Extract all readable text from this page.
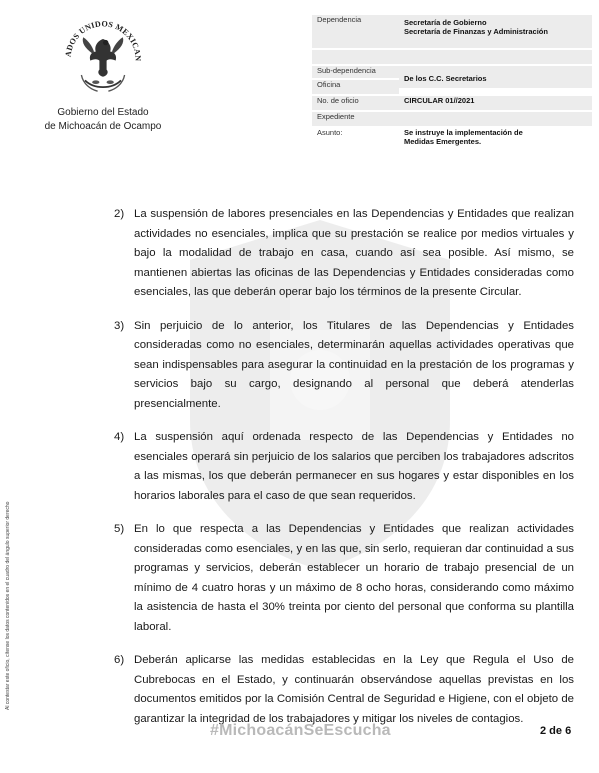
ADOS UNIDOS MEXICAN
Gobierno del Estado
de Michoacán de Ocampo
Dependencia	Secretaría de Gobierno
Secretaría de Finanzas y Administración

Sub-dependencia	
Oficina	De los C.C. Secretarios
No. de oficio	CIRCULAR 01//2021
Expediente	
Asunto:	Se instruye la implementación de
Medidas Emergentes.
Al contestar este oficio, cítense los datos contenidos en el cuadro del ángulo superior derecho
2) La suspensión de labores presenciales en las Dependencias y Entidades que realizan actividades no esenciales, implica que su prestación se realice por medios virtuales y bajo la modalidad de trabajo en casa, cuando así sea posible. Así mismo, se mantienen abiertas las oficinas de las Dependencias y Entidades consideradas como esenciales, las que deberán operar bajo los términos de la presente Circular.
3) Sin perjuicio de lo anterior, los Titulares de las Dependencias y Entidades consideradas como no esenciales, determinarán aquellas actividades operativas que sean indispensables para asegurar la continuidad en la prestación de los programas y servicios bajo su cargo, designando al personal que deberá atenderlas presencialmente.
4) La suspensión aquí ordenada respecto de las Dependencias y Entidades no esenciales operará sin perjuicio de los salarios que perciben los trabajadores adscritos a las mismas, los que deberán permanecer en sus hogares y estar disponibles en los horarios laborales para el caso de que sean requeridos.
5) En lo que respecta a las Dependencias y Entidades que realizan actividades consideradas como esenciales, y en las que, sin serlo, requieran dar continuidad a sus programas y servicios, deberán establecer un horario de trabajo presencial de un mínimo de 4 cuatro horas y un máximo de 8 ocho horas, considerando como máximo la asistencia de hasta el 30% treinta por ciento del personal que conforma su plantilla laboral.
6) Deberán aplicarse las medidas establecidas en la Ley que Regula el Uso de Cubrebocas en el Estado, y continuarán observándose aquellas previstas en los documentos emitidos por la Comisión Central de Seguridad e Higiene, con el objeto de garantizar la integridad de los trabajadores y mitigar los niveles de contagios.
#MichoacánSeEscucha	2 de 6
